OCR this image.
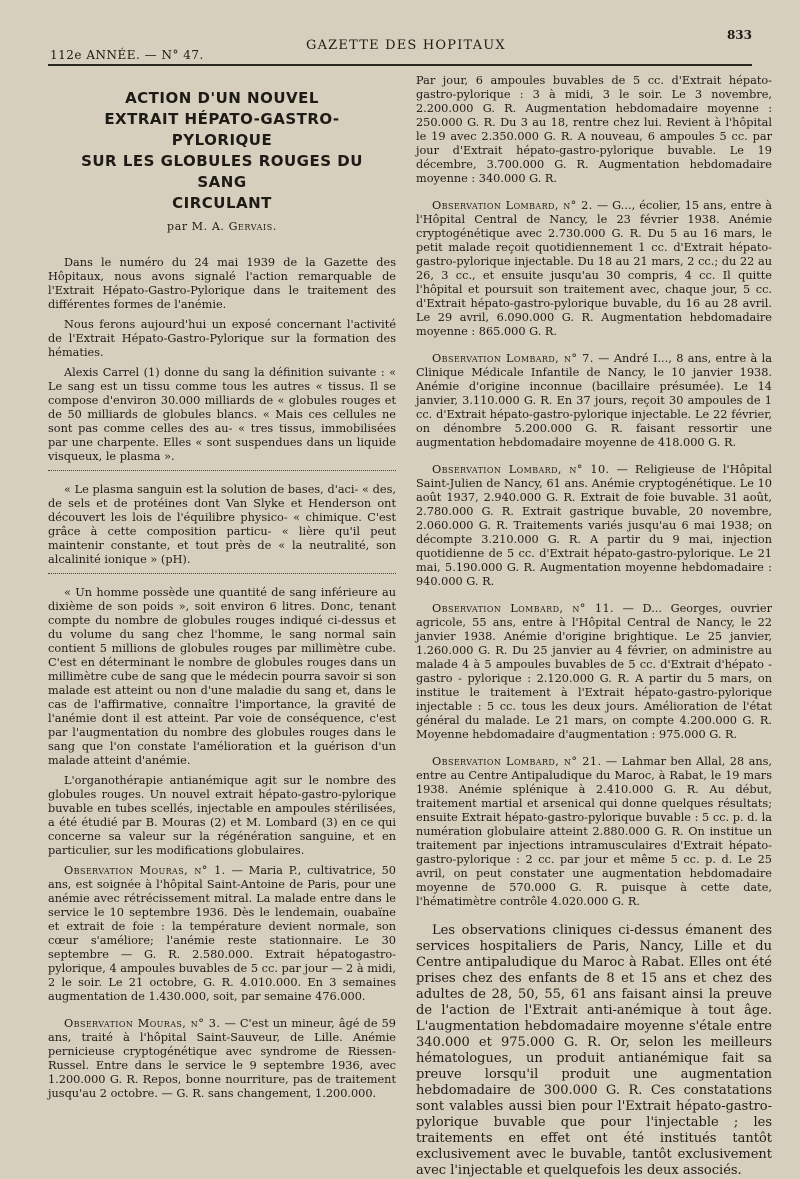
112e ANNÉE. — N° 47.
GAZETTE DES HOPITAUX
833
ACTION D'UN NOUVEL
EXTRAIT HÉPATO-GASTRO-PYLORIQUE
SUR LES GLOBULES ROUGES DU SANG
CIRCULANT
par M. A. Gervais.

Dans le numéro du 24 mai 1939 de la Gazette des Hôpitaux, nous avons signalé l'action remarquable de l'Extrait Hépato-Gastro-Pylorique dans le traitement des différentes formes de l'anémie.

Nous ferons aujourd'hui un exposé concernant l'activité de l'Extrait Hépato-Gastro-Pylorique sur la formation des hématies.

Alexis Carrel (1) donne du sang la définition suivante : « Le sang est un tissu comme tous les autres « tissus. Il se compose d'environ 30.000 milliards de « globules rouges et de 50 milliards de globules blancs. « Mais ces cellules ne sont pas comme celles des au- « tres tissus, immobilisées par une charpente. Elles « sont suspendues dans un liquide visqueux, le plasma ».

« Le plasma sanguin est la solution de bases, d'aci- « des, de sels et de protéines dont Van Slyke et Henderson ont découvert les lois de l'équilibre physico- « chimique. C'est grâce à cette composition particu- « lière qu'il peut maintenir constante, et tout près de « la neutralité, son alcalinité ionique » (pH).

« Un homme possède une quantité de sang inférieure au dixième de son poids », soit environ 6 litres. Donc, tenant compte du nombre de globules rouges indiqué ci-dessus et du volume du sang chez l'homme, le sang normal sain contient 5 millions de globules rouges par millimètre cube. C'est en déterminant le nombre de globules rouges dans un millimètre cube de sang que le médecin pourra savoir si son malade est atteint ou non d'une maladie du sang et, dans le cas de l'affirmative, connaître l'importance, la gravité de l'anémie dont il est atteint. Par voie de conséquence, c'est par l'augmentation du nombre des globules rouges dans le sang que l'on constate l'amélioration et la guérison d'un malade atteint d'anémie.

L'organothérapie antianémique agit sur le nombre des globules rouges. Un nouvel extrait hépato-gastro-pylorique buvable en tubes scellés, injectable en ampoules stérilisées, a été étudié par B. Mouras (2) et M. Lombard (3) en ce qui concerne sa valeur sur la régénération sanguine, et en particulier, sur les modifications globulaires.

Observation Mouras, n° 1. — Maria P., cultivatrice, 50 ans, est soignée à l'hôpital Saint-Antoine de Paris, pour une anémie avec rétrécissement mitral. La malade entre dans le service le 10 septembre 1936. Dès le lendemain, ouabaïne et extrait de foie : la température devient normale, son cœur s'améliore; l'anémie reste stationnaire. Le 30 septembre — G. R. 2.580.000. Extrait hépatogastro-pylorique, 4 ampoules buvables de 5 cc. par jour — 2 à midi, 2 le soir. Le 21 octobre, G. R. 4.010.000. En 3 semaines augmentation de 1.430.000, soit, par semaine 476.000.

Observation Mouras, n° 3. — C'est un mineur, âgé de 59 ans, traité à l'hôpital Saint-Sauveur, de Lille. Anémie pernicieuse cryptogénétique avec syndrome de Riessen-Russel. Entre dans le service le 9 septembre 1936, avec 1.200.000 G. R. Repos, bonne nourriture, pas de traitement jusqu'au 2 octobre. — G. R. sans changement, 1.200.000.

Par jour, 6 ampoules buvables de 5 cc. d'Extrait hépato-gastro-pylorique : 3 à midi, 3 le soir. Le 3 novembre, 2.200.000 G. R. Augmentation hebdomadaire moyenne : 250.000 G. R. Du 3 au 18, rentre chez lui. Revient à l'hôpital le 19 avec 2.350.000 G. R. A nouveau, 6 ampoules 5 cc. par jour d'Extrait hépato-gastro-pylorique buvable. Le 19 décembre, 3.700.000 G. R. Augmentation hebdomadaire moyenne : 340.000 G. R.

Observation Lombard, n° 2. — G..., écolier, 15 ans, entre à l'Hôpital Central de Nancy, le 23 février 1938. Anémie cryptogénétique avec 2.730.000 G. R. Du 5 au 16 mars, le petit malade reçoit quotidiennement 1 cc. d'Extrait hépato-gastro-pylorique injectable. Du 18 au 21 mars, 2 cc.; du 22 au 26, 3 cc., et ensuite jusqu'au 30 compris, 4 cc. Il quitte l'hôpital et poursuit son traitement avec, chaque jour, 5 cc. d'Extrait hépato-gastro-pylorique buvable, du 16 au 28 avril. Le 29 avril, 6.090.000 G. R. Augmentation hebdomadaire moyenne : 865.000 G. R.

Observation Lombard, n° 7. — André I..., 8 ans, entre à la Clinique Médicale Infantile de Nancy, le 10 janvier 1938. Anémie d'origine inconnue (bacillaire présumée). Le 14 janvier, 3.110.000 G. R. En 37 jours, reçoit 30 ampoules de 1 cc. d'Extrait hépato-gastro-pylorique injectable. Le 22 février, on dénombre 5.200.000 G. R. faisant ressortir une augmentation hebdomadaire moyenne de 418.000 G. R.

Observation Lombard, n° 10. — Religieuse de l'Hôpital Saint-Julien de Nancy, 61 ans. Anémie cryptogénétique. Le 10 août 1937, 2.940.000 G. R. Extrait de foie buvable. 31 août, 2.780.000 G. R. Extrait gastrique buvable, 20 novembre, 2.060.000 G. R. Traitements variés jusqu'au 6 mai 1938; on décompte 3.210.000 G. R. A partir du 9 mai, injection quotidienne de 5 cc. d'Extrait hépato-gastro-pylorique. Le 21 mai, 5.190.000 G. R. Augmentation moyenne hebdomadaire : 940.000 G. R.

Observation Lombard, n° 11. — D... Georges, ouvrier agricole, 55 ans, entre à l'Hôpital Central de Nancy, le 22 janvier 1938. Anémie d'origine brightique. Le 25 janvier, 1.260.000 G. R. Du 25 janvier au 4 février, on administre au malade 4 à 5 ampoules buvables de 5 cc. d'Extrait d'hépato - gastro - pylorique : 2.120.000 G. R. A partir du 5 mars, on institue le traitement à l'Extrait hépato-gastro-pylorique injectable : 5 cc. tous les deux jours. Amélioration de l'état général du malade. Le 21 mars, on compte 4.200.000 G. R. Moyenne hebdomadaire d'augmentation : 975.000 G. R.

Observation Lombard, n° 21. — Lahmar ben Allal, 28 ans, entre au Centre Antipaludique du Maroc, à Rabat, le 19 mars 1938. Anémie splénique à 2.410.000 G. R. Au début, traitement martial et arsenical qui donne quelques résultats; ensuite Extrait hépato-gastro-pylorique buvable : 5 cc. p. d. la numération globulaire atteint 2.880.000 G. R. On institue un traitement par injections intramusculaires d'Extrait hépato-gastro-pylorique : 2 cc. par jour et même 5 cc. p. d. Le 25 avril, on peut constater une augmentation hebdomadaire moyenne de 570.000 G. R. puisque à cette date, l'hématimètre contrôle 4.020.000 G. R.

Les observations cliniques ci-dessus émanent des services hospitaliers de Paris, Nancy, Lille et du Centre antipaludique du Maroc à Rabat. Elles ont été prises chez des enfants de 8 et 15 ans et chez des adultes de 28, 50, 55, 61 ans faisant ainsi la preuve de l'action de l'Extrait anti-anémique à tout âge. L'augmentation hebdomadaire moyenne s'étale entre 340.000 et 975.000 G. R. Or, selon les meilleurs hématologues, un produit antianémique fait sa preuve lorsqu'il produit une augmentation hebdomadaire de 300.000 G. R. Ces constatations sont valables aussi bien pour l'Extrait hépato-gastro-pylorique buvable que pour l'injectable ; les traitements en effet ont été institués tantôt exclusivement avec le buvable, tantôt exclusivement avec l'injectable et quelquefois les deux associés.
